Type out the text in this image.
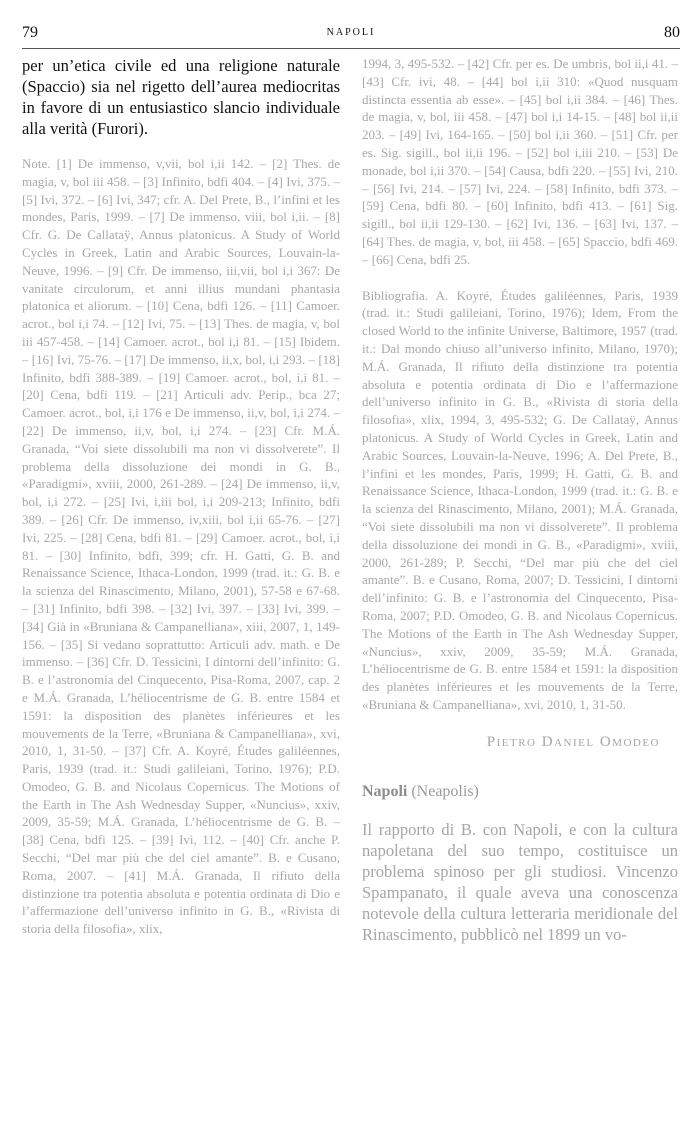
79	napoli	80

per un’etica civile ed una religione naturale (Spaccio) sia nel rigetto dell’aurea mediocritas in favore di un entusiastico slancio individuale alla verità (Furori).

Note. [1] De immenso, v,vii, bol i,ii 142. – [2] Thes. de magia, v, bol iii 458. – [3] Infinito, bdfi 404. – [4] Ivi, 375. – [5] Ivi, 372. – [6] Ivi, 347; cfr. A. Del Prete, B., l’infini et les mondes, Paris, 1999. – [7] De immenso, viii, bol i,ii. – [8] Cfr. G. De Callataÿ, Annus platonicus. A Study of World Cycles in Greek, Latin and Arabic Sources, Louvain-la-Neuve, 1996. – [9] Cfr. De immenso, iii,vii, bol i,i 367: De vanitate circulorum, et anni illius mundani phantasia platonica et aliorum. – [10] Cena, bdfi 126. – [11] Camoer. acrot., bol i,i 74. – [12] Ivi, 75. – [13] Thes. de magia, v, bol iii 457-458. – [14] Camoer. acrot., bol i,i 81. – [15] Ibidem. – [16] Ivi, 75-76. – [17] De immenso, ii,x, bol, i,i 293. – [18] Infinito, bdfi 388-389. – [19] Camoer. acrot., bol, i,i 81. – [20] Cena, bdfi 119. – [21] Articuli adv. Perip., bca 27; Camoer. acrot., bol, i,i 176 e De immenso, ii,v, bol, i,i 274. – [22] De immenso, ii,v, bol, i,i 274. – [23] Cfr. M.Á. Granada, “Voi siete dissolubili ma non vi dissolverete”. Il problema della dissoluzione dei mondi in G. B., «Paradigmi», xviii, 2000, 261-289. – [24] De immenso, ii,v, bol, i,i 272. – [25] Ivi, i,iii bol, i,i 209-213; Infinito, bdfi 389. – [26] Cfr. De immenso, iv,xiii, bol i,ii 65-76. – [27] Ivi, 225. – [28] Cena, bdfi 81. – [29] Camoer. acrot., bol, i,i 81. – [30] Infinito, bdfi, 399; cfr. H. Gatti, G. B. and Renaissance Science, Ithaca-London, 1999 (trad. it.: G. B. e la scienza del Rinascimento, Milano, 2001), 57-58 e 67-68. – [31] Infinito, bdfi 398. – [32] Ivi, 397. – [33] Ivi, 399. – [34] Già in «Bruniana & Campanelliana», xiii, 2007, 1, 149-156. – [35] Si vedano soprattutto: Articuli adv. math. e De immenso. – [36] Cfr. D. Tessicini, I dintorni dell’infinito: G. B. e l’astronomia del Cinquecento, Pisa-Roma, 2007, cap. 2 e M.Á. Granada, L’héliocentrisme de G. B. entre 1584 et 1591: la disposition des planètes inférieures et les mouvements de la Terre, «Bruniana & Campanelliana», xvi, 2010, 1, 31-50. – [37] Cfr. A. Koyré, Études galiléennes, Paris, 1939 (trad. it.: Studi galileiani, Torino, 1976); P.D. Omodeo, G. B. and Nicolaus Copernicus. The Motions of the Earth in The Ash Wednesday Supper, «Nuncius», xxiv, 2009, 35-59; M.Á. Granada, L’héliocentrisme de G. B. – [38] Cena, bdfi 125. – [39] Ivi, 112. – [40] Cfr. anche P. Secchi, “Del mar più che del ciel amante”. B. e Cusano, Roma, 2007. – [41] M.Á. Granada, Il rifiuto della distinzione tra potentia absoluta e potentia ordinata di Dio e l’affermazione dell’universo infinito in G. B., «Rivista di storia della filosofia», xlix,

1994, 3, 495-532. – [42] Cfr. per es. De umbris, bol ii,i 41. – [43] Cfr. ivi, 48. – [44] bol i,ii 310: «Quod nusquam distincta essentia ab esse». – [45] bol i,ii 384. – [46] Thes. de magia, v, bol, iii 458. – [47] bol i,i 14-15. – [48] bol ii,ii 203. – [49] Ivi, 164-165. – [50] bol i,ii 360. – [51] Cfr. per es. Sig. sigill., bol ii,ii 196. – [52] bol i,iii 210. – [53] De monade, bol i,ii 370. – [54] Causa, bdfi 220. – [55] Ivi, 210. – [56] Ivi, 214. – [57] Ivi, 224. – [58] Infinito, bdfi 373. – [59] Cena, bdfi 80. – [60] Infinito, bdfi 413. – [61] Sig. sigill., bol ii,ii 129-130. – [62] Ivi, 136. – [63] Ivi, 137. – [64] Thes. de magia, v, bol, iii 458. – [65] Spaccio, bdfi 469. – [66] Cena, bdfi 25.

Bibliografia. A. Koyré, Études galiléennes, Paris, 1939 (trad. it.: Studi galileiani, Torino, 1976); Idem, From the closed World to the infinite Universe, Baltimore, 1957 (trad. it.: Dal mondo chiuso all’universo infinito, Milano, 1970); M.Á. Granada, Il rifiuto della distinzione tra potentia absoluta e potentia ordinata di Dio e l’affermazione dell’universo infinito in G. B., «Rivista di storia della filosofia», xlix, 1994, 3, 495-532; G. De Callataÿ, Annus platonicus. A Study of World Cycles in Greek, Latin and Arabic Sources, Louvain-la-Neuve, 1996; A. Del Prete, B., l’infini et les mondes, Paris, 1999; H. Gatti, G. B. and Renaissance Science, Ithaca-London, 1999 (trad. it.: G. B. e la scienza del Rinascimento, Milano, 2001); M.Á. Granada, “Voi siete dissolubili ma non vi dissolverete”. Il problema della dissoluzione dei mondi in G. B., «Paradigmi», xviii, 2000, 261-289; P. Secchi, “Del mar più che del ciel amante”. B. e Cusano, Roma, 2007; D. Tessicini, I dintorni dell’infinito: G. B. e l’astronomia del Cinquecento, Pisa-Roma, 2007; P.D. Omodeo, G. B. and Nicolaus Copernicus. The Motions of the Earth in The Ash Wednesday Supper, «Nuncius», xxiv, 2009, 35-59; M.Á. Granada, L’héliocentrisme de G. B. entre 1584 et 1591: la disposition des planètes inférieures et les mouvements de la Terre, «Bruniana & Campanelliana», xvi, 2010, 1, 31-50.

Pietro Daniel Omodeo

Napoli (Neapolis)

Il rapporto di B. con Napoli, e con la cultura napoletana del suo tempo, costituisce un problema spinoso per gli studiosi. Vincenzo Spampanato, il quale aveva una conoscenza notevole della cultura letteraria meridionale del Rinascimento, pubblicò nel 1899 un vo-
